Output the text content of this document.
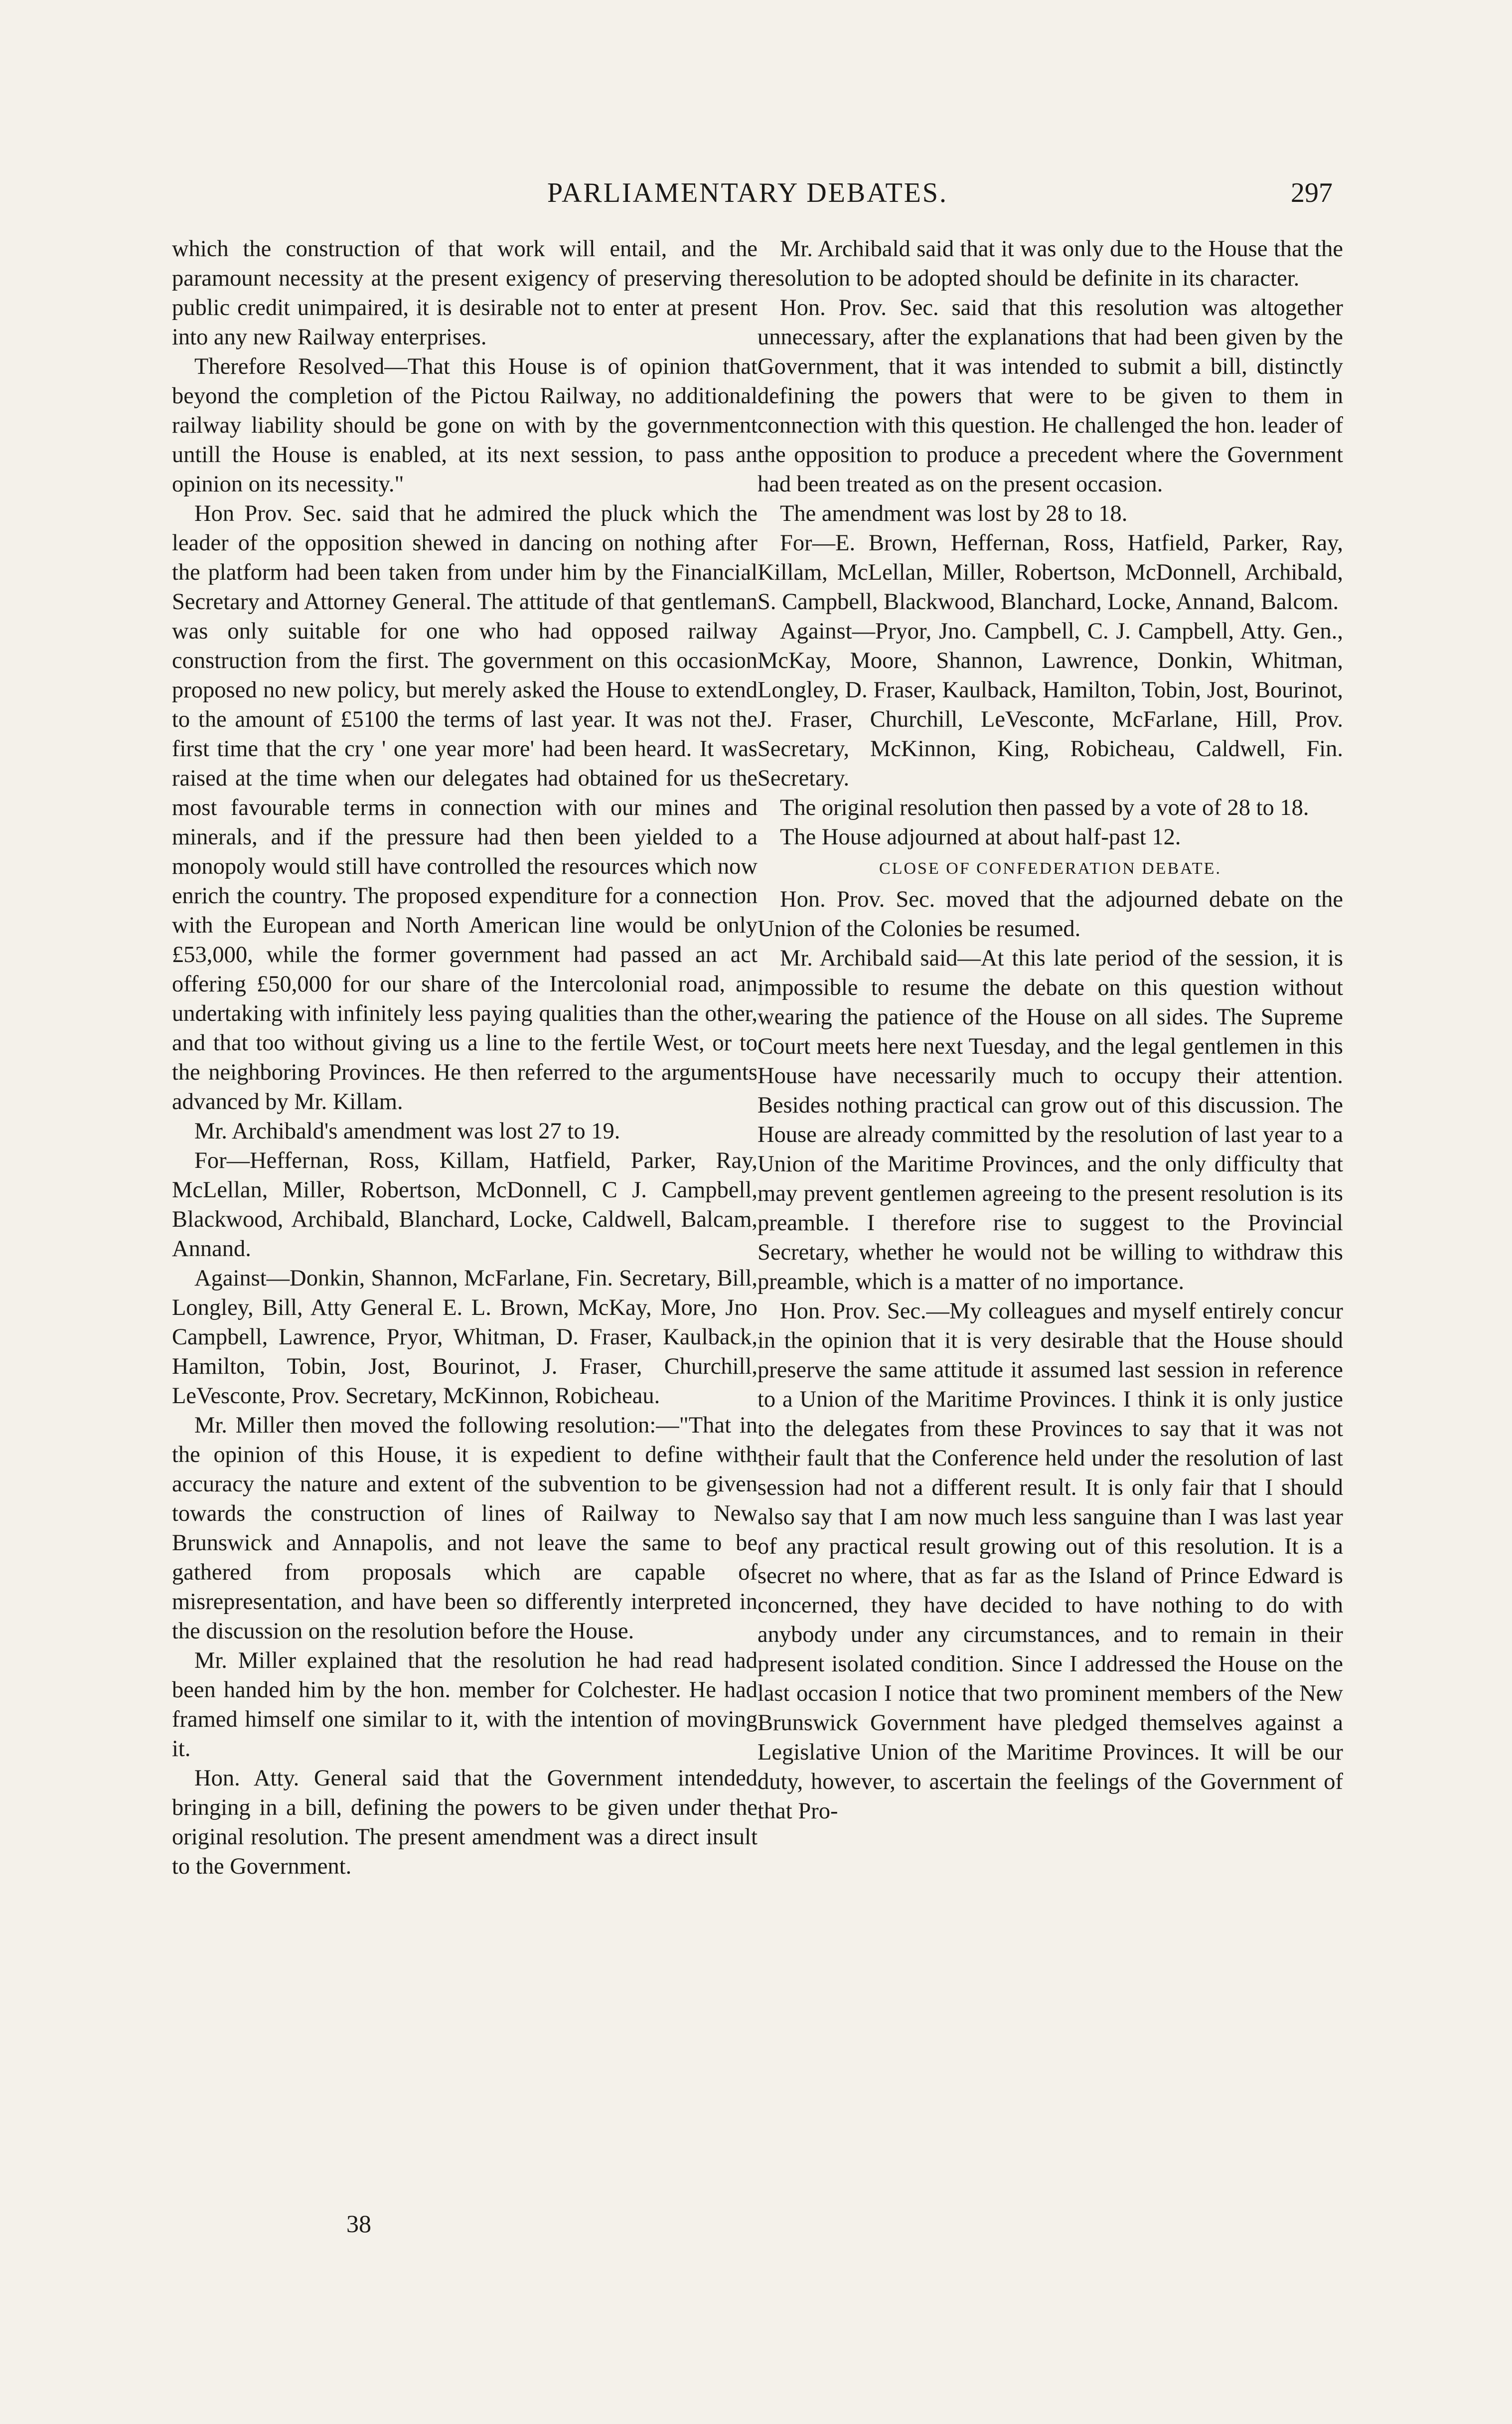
PARLIAMENTARY DEBATES.	297

which the construction of that work will entail, and the paramount necessity at the present exigency of preserving the public credit unimpaired, it is desirable not to enter at present into any new Railway enterprises.

Therefore Resolved—That this House is of opinion that beyond the completion of the Pictou Railway, no additional railway liability should be gone on with by the government untill the House is enabled, at its next session, to pass an opinion on its necessity."

Hon Prov. Sec. said that he admired the pluck which the leader of the opposition shewed in dancing on nothing after the platform had been taken from under him by the Financial Secretary and Attorney General. The attitude of that gentleman was only suitable for one who had opposed railway construction from the first. The government on this occasion proposed no new policy, but merely asked the House to extend to the amount of £5100 the terms of last year. It was not the first time that the cry ' one year more' had been heard. It was raised at the time when our delegates had obtained for us the most favourable terms in connection with our mines and minerals, and if the pressure had then been yielded to a monopoly would still have controlled the resources which now enrich the country. The proposed expenditure for a connection with the European and North American line would be only £53,000, while the former government had passed an act offering £50,000 for our share of the Intercolonial road, an undertaking with infinitely less paying qualities than the other, and that too without giving us a line to the fertile West, or to the neighboring Provinces. He then referred to the arguments advanced by Mr. Killam.

Mr. Archibald's amendment was lost 27 to 19.

For—Heffernan, Ross, Killam, Hatfield, Parker, Ray, McLellan, Miller, Robertson, McDonnell, C J. Campbell, Blackwood, Archibald, Blanchard, Locke, Caldwell, Balcam, Annand.

Against—Donkin, Shannon, McFarlane, Fin. Secretary, Bill, Longley, Bill, Atty General E. L. Brown, McKay, More, Jno Campbell, Lawrence, Pryor, Whitman, D. Fraser, Kaulback, Hamilton, Tobin, Jost, Bourinot, J. Fraser, Churchill, LeVesconte, Prov. Secretary, McKinnon, Robicheau.

Mr. Miller then moved the following resolution:—"That in the opinion of this House, it is expedient to define with accuracy the nature and extent of the subvention to be given towards the construction of lines of Railway to New Brunswick and Annapolis, and not leave the same to be gathered from proposals which are capable of misrepresentation, and have been so differently interpreted in the discussion on the resolution before the House.

Mr. Miller explained that the resolution he had read had been handed him by the hon. member for Colchester. He had framed himself one similar to it, with the intention of moving it.

Hon. Atty. General said that the Government intended bringing in a bill, defining the powers to be given under the original resolution. The present amendment was a direct insult to the Government.

Mr. Archibald said that it was only due to the House that the resolution to be adopted should be definite in its character.

Hon. Prov. Sec. said that this resolution was altogether unnecessary, after the explanations that had been given by the Government, that it was intended to submit a bill, distinctly defining the powers that were to be given to them in connection with this question. He challenged the hon. leader of the opposition to produce a precedent where the Government had been treated as on the present occasion.

The amendment was lost by 28 to 18.

For—E. Brown, Heffernan, Ross, Hatfield, Parker, Ray, Killam, McLellan, Miller, Robertson, McDonnell, Archibald, S. Campbell, Blackwood, Blanchard, Locke, Annand, Balcom.

Against—Pryor, Jno. Campbell, C. J. Campbell, Atty. Gen., McKay, Moore, Shannon, Lawrence, Donkin, Whitman, Longley, D. Fraser, Kaulback, Hamilton, Tobin, Jost, Bourinot, J. Fraser, Churchill, LeVesconte, McFarlane, Hill, Prov. Secretary, McKinnon, King, Robicheau, Caldwell, Fin. Secretary.

The original resolution then passed by a vote of 28 to 18.

The House adjourned at about half-past 12.

CLOSE OF CONFEDERATION DEBATE.

Hon. Prov. Sec. moved that the adjourned debate on the Union of the Colonies be resumed.

Mr. Archibald said—At this late period of the session, it is impossible to resume the debate on this question without wearing the patience of the House on all sides. The Supreme Court meets here next Tuesday, and the legal gentlemen in this House have necessarily much to occupy their attention. Besides nothing practical can grow out of this discussion. The House are already committed by the resolution of last year to a Union of the Maritime Provinces, and the only difficulty that may prevent gentlemen agreeing to the present resolution is its preamble. I therefore rise to suggest to the Provincial Secretary, whether he would not be willing to withdraw this preamble, which is a matter of no importance.

Hon. Prov. Sec.—My colleagues and myself entirely concur in the opinion that it is very desirable that the House should preserve the same attitude it assumed last session in reference to a Union of the Maritime Provinces. I think it is only justice to the delegates from these Provinces to say that it was not their fault that the Conference held under the resolution of last session had not a different result. It is only fair that I should also say that I am now much less sanguine than I was last year of any practical result growing out of this resolution. It is a secret no where, that as far as the Island of Prince Edward is concerned, they have decided to have nothing to do with anybody under any circumstances, and to remain in their present isolated condition. Since I addressed the House on the last occasion I notice that two prominent members of the New Brunswick Government have pledged themselves against a Legislative Union of the Maritime Provinces. It will be our duty, however, to ascertain the feelings of the Government of that Pro-

38
